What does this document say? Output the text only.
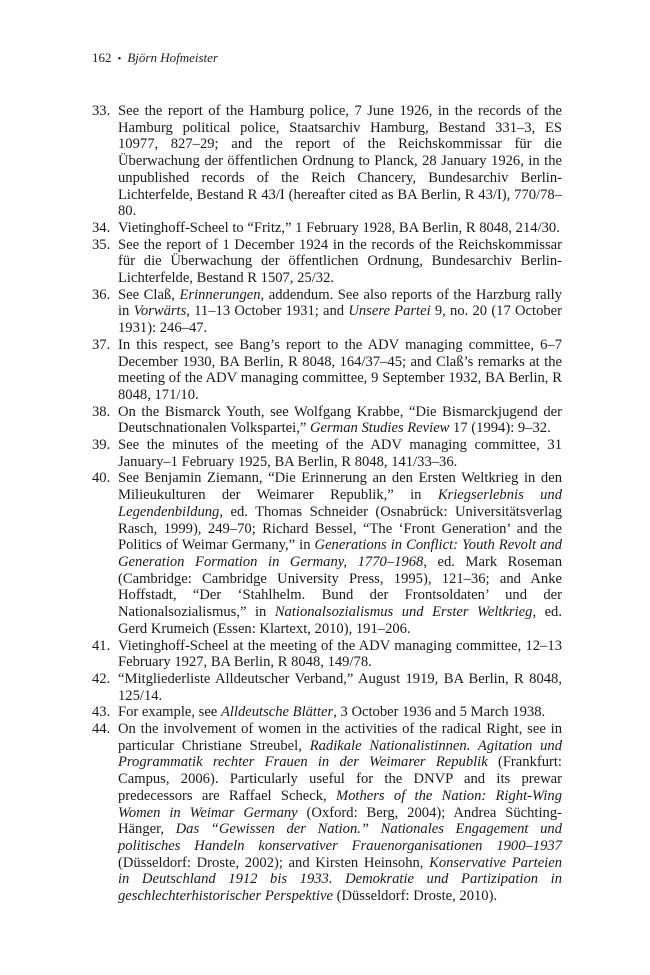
162 • Björn Hofmeister

33. See the report of the Hamburg police, 7 June 1926, in the records of the Hamburg political police, Staatsarchiv Hamburg, Bestand 331–3, ES 10977, 827–29; and the report of the Reichskommissar für die Überwachung der öffentlichen Ordnung to Planck, 28 January 1926, in the unpublished records of the Reich Chancery, Bundesarchiv Berlin-Lichterfelde, Bestand R 43/I (hereafter cited as BA Berlin, R 43/I), 770/78–80.

34. Vietinghoff-Scheel to “Fritz,” 1 February 1928, BA Berlin, R 8048, 214/30.

35. See the report of 1 December 1924 in the records of the Reichskommissar für die Überwachung der öffentlichen Ordnung, Bundesarchiv Berlin-Lichterfelde, Bestand R 1507, 25/32.

36. See Claß, Erinnerungen, addendum. See also reports of the Harzburg rally in Vorwärts, 11–13 October 1931; and Unsere Partei 9, no. 20 (17 October 1931): 246–47.

37. In this respect, see Bang’s report to the ADV managing committee, 6–7 December 1930, BA Berlin, R 8048, 164/37–45; and Claß’s remarks at the meeting of the ADV managing committee, 9 September 1932, BA Berlin, R 8048, 171/10.

38. On the Bismarck Youth, see Wolfgang Krabbe, “Die Bismarckjugend der Deutschnationalen Volkspartei,” German Studies Review 17 (1994): 9–32.

39. See the minutes of the meeting of the ADV managing committee, 31 January–1 February 1925, BA Berlin, R 8048, 141/33–36.

40. See Benjamin Ziemann, “Die Erinnerung an den Ersten Weltkrieg in den Milieukulturen der Weimarer Republik,” in Kriegserlebnis und Legendenbildung, ed. Thomas Schneider (Osnabrück: Universitätsverlag Rasch, 1999), 249–70; Richard Bessel, “The ‘Front Generation’ and the Politics of Weimar Germany,” in Generations in Conflict: Youth Revolt and Generation Formation in Germany, 1770–1968, ed. Mark Roseman (Cambridge: Cambridge University Press, 1995), 121–36; and Anke Hoffstadt, “Der ‘Stahlhelm. Bund der Frontsoldaten’ und der Nationalsozialismus,” in Nationalsozialismus und Erster Weltkrieg, ed. Gerd Krumeich (Essen: Klartext, 2010), 191–206.

41. Vietinghoff-Scheel at the meeting of the ADV managing committee, 12–13 February 1927, BA Berlin, R 8048, 149/78.

42. “Mitgliederliste Alldeutscher Verband,” August 1919, BA Berlin, R 8048, 125/14.

43. For example, see Alldeutsche Blätter, 3 October 1936 and 5 March 1938.

44. On the involvement of women in the activities of the radical Right, see in particular Christiane Streubel, Radikale Nationalistinnen. Agitation und Programmatik rechter Frauen in der Weimarer Republik (Frankfurt: Campus, 2006). Particularly useful for the DNVP and its prewar predecessors are Raffael Scheck, Mothers of the Nation: Right-Wing Women in Weimar Germany (Oxford: Berg, 2004); Andrea Süchting-Hänger, Das “Gewissen der Nation.” Nationales Engagement und politisches Handeln konservativer Frauenorganisationen 1900–1937 (Düsseldorf: Droste, 2002); and Kirsten Heinsohn, Konservative Parteien in Deutschland 1912 bis 1933. Demokratie und Partizipation in geschlechterhistorischer Perspektive (Düsseldorf: Droste, 2010).
